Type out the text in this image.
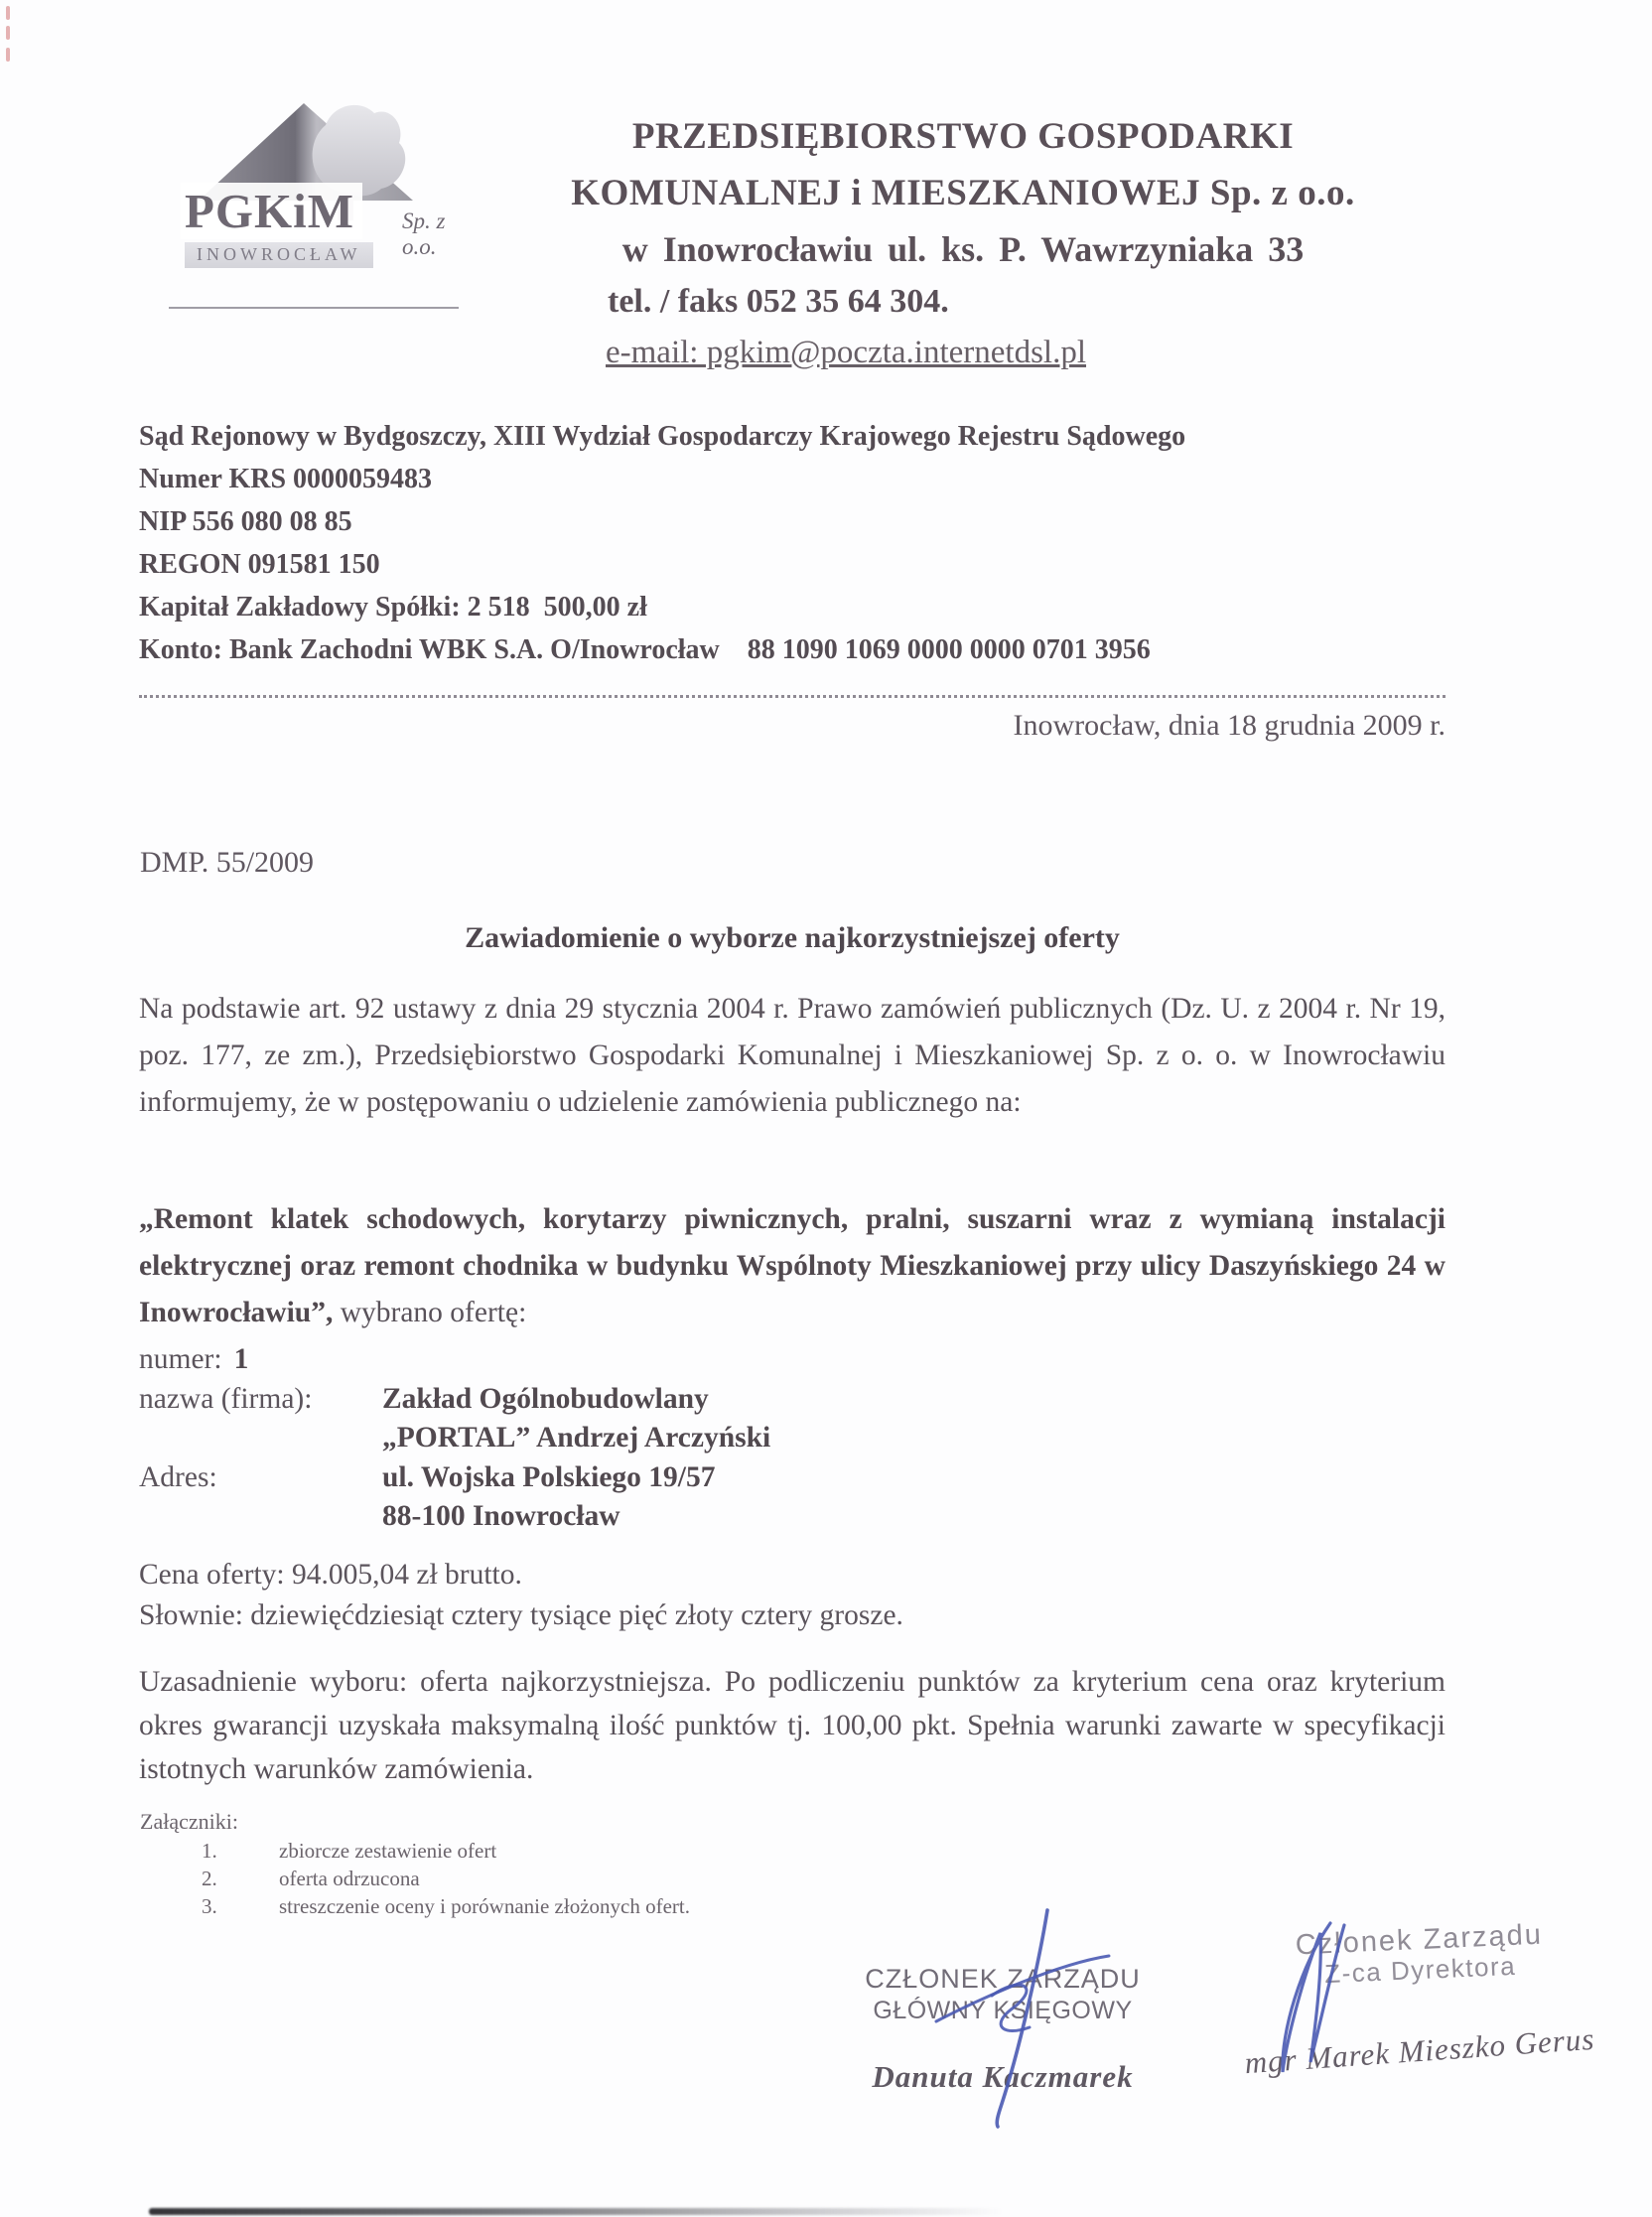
PGKiM	Sp. z o.o.
INOWROCŁAW
PRZEDSIĘBIORSTWO GOSPODARKI
KOMUNALNEJ i MIESZKANIOWEJ Sp. z o.o.
w Inowrocławiu ul. ks. P. Wawrzyniaka 33
tel. / faks 052 35 64 304.
e-mail: pgkim@poczta.internetdsl.pl
Sąd Rejonowy w Bydgoszczy, XIII Wydział Gospodarczy Krajowego Rejestru Sądowego
Numer KRS 0000059483
NIP 556 080 08 85
REGON 091581 150
Kapitał Zakładowy Spółki: 2 518  500,00 zł
Konto: Bank Zachodni WBK S.A. O/Inowrocław    88 1090 1069 0000 0000 0701 3956
Inowrocław, dnia 18 grudnia 2009 r.
DMP. 55/2009
Zawiadomienie o wyborze najkorzystniejszej oferty
Na podstawie art. 92 ustawy z dnia 29 stycznia 2004 r. Prawo zamówień publicznych (Dz. U. z 2004 r. Nr 19, poz. 177, ze zm.), Przedsiębiorstwo Gospodarki Komunalnej i Mieszkaniowej Sp. z o. o. w Inowrocławiu informujemy, że w postępowaniu o udzielenie zamówienia publicznego na:
„Remont klatek schodowych, korytarzy piwnicznych, pralni, suszarni wraz z wymianą instalacji elektrycznej oraz remont chodnika w budynku Wspólnoty Mieszkaniowej przy ulicy Daszyńskiego 24 w Inowrocławiu”, wybrano ofertę:
numer: 1
nazwa (firma):	Zakład Ogólnobudowlany
„PORTAL” Andrzej Arczyński
Adres:	ul. Wojska Polskiego 19/57
88-100 Inowrocław
Cena oferty: 94.005,04 zł brutto.
Słownie: dziewięćdziesiąt cztery tysiące pięć złoty cztery grosze.
Uzasadnienie wyboru: oferta najkorzystniejsza. Po podliczeniu punktów za kryterium cena oraz kryterium okres gwarancji uzyskała maksymalną ilość punktów tj. 100,00 pkt. Spełnia warunki zawarte w specyfikacji istotnych warunków zamówienia.
Załączniki:
1.	zbiorcze zestawienie ofert
2.	oferta odrzucona
3.	streszczenie oceny i porównanie złożonych ofert.
CZŁONEK ZARZĄDU
GŁÓWNY KSIĘGOWY
Danuta Kaczmarek
Członek Zarządu
Z-ca Dyrektora
mgr Marek Mieszko Gerus
